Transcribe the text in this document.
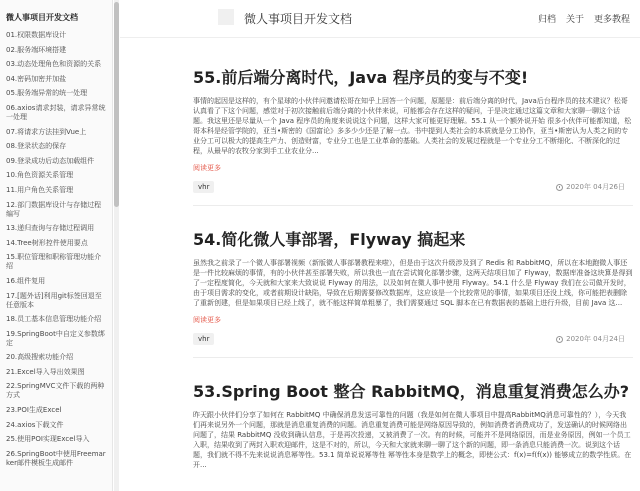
微人事项目开发文档
01.权限数据库设计
02.服务端环境搭建
03.动态处理角色和资源的关系
04.密码加密并加盐
05.服务端异常的统一处理
06.axios请求封装，请求异常统一处理
07.将请求方法挂到Vue上
08.登录状态的保存
09.登录成功后动态加载组件
10.角色资源关系管理
11.用户角色关系管理
12.部门数据库设计与存储过程编写
13.递归查询与存储过程调用
14.Tree树形控件使用要点
15.职位管理和职称管理功能介绍
16.组件复用
17.[题外话]利用git标签回退至任意版本
18.员工基本信息管理功能介绍
19.SpringBoot中自定义参数绑定
20.高级搜索功能介绍
21.Excel导入导出效果图
22.SpringMVC文件下载的两种方式
23.POI生成Excel
24.axios下载文件
25.使用POI实现Excel导入
26.SpringBoot中使用Freemarker邮件模板生成邮件
微人事项目开发文档	归档 关于 更多教程
55.前后端分离时代，Java 程序员的变与不变!

事情的起因是这样的，有个星球的小伙伴问邀请松哥在知乎上回答一个问题，原题是：前后端分离的时代，Java后台程序员的技术建议？松哥认真看了下这个问题，感觉对于初次接触前后端分离的小伙伴来说，可能都会存在这样的疑问，于是决定通过这篇文章和大家聊一聊这个话题。我这里还是尽量从一个 Java 程序员的角度来说说这个问题，这样大家可能更好理解。55.1 从一个额外说开始 很多小伙伴可能都知道，松哥本科是经管学院的，亚当•斯密的《国富论》多多少少还是了解一点。书中提到人类社会的本质就是分工协作，亚当•斯密认为人类之间的专业分工可以极大的提高生产力、创造财富，专业分工也是工业革命的基础。人类社会的发展过程就是一个专业分工不断细化、不断深化的过程，从最早的农牧分家到手工业农业分...

阅读更多
vhr	2020年 04月26日
54.简化微人事部署，Flyway 搞起来

虽然我之前录了一个微人事部署视频（新版微人事部署教程来啦），但是由于这次升级涉及到了 Redis 和 RabbitMQ，所以在本地跑微人事还是一件比较麻烦的事情，有的小伙伴甚至部署失败，所以我也一直在尝试简化部署步骤，这两天结项目加了 Flyway，数据库准备这块算是得到了一定程度简化，今天就和大家来大致说说 Flyway 的用法，以及如何在微人事中使用 Flyway。54.1 什么是 Flyway 我们在公司做开发时，由于项目需求的变化，或者前期设计缺陷，导致在后期需要修改数据库，这应该是一个比较常见的事情，如果项目还没上线，你可能把表删除了重新创建，但是如果项目已经上线了，就不能这样简单粗暴了，我们需要通过 SQL 脚本在已有数据表的基础上进行升级，目前 Java 这...

阅读更多
vhr	2020年 04月24日
53.Spring Boot 整合 RabbitMQ，消息重复消费怎么办?

昨天跟小伙伴们分享了如何在 RabbitMQ 中确保消息发送可靠性的问题（我是如何在微人事项目中提高RabbitMQ消息可靠性的？），今天我们再来说另外一个问题，那就是消息重复消费的问题。消息重复消费可能是网络原因导致的，例如消费者消费成功了，发送确认的时候网络出问题了，结果 RabbitMQ 没收到确认信息，于是再次投递，又被消费了一次。有的时候，可能并不是网络原因，而是业务原因，例如一个员工入职，结果收到了两封入职欢迎邮件，这是不对的，所以，今天和大家就来聊一聊了这个新的问题，即一条消息只能消费一次。说到这个话题，我们就不得不先来说说消息幂等性。53.1 简单说说幂等性 幂等性本身是数学上的概念，即使公式：f(x)=f(f(x)) 能够成立的数学性质。在开...
